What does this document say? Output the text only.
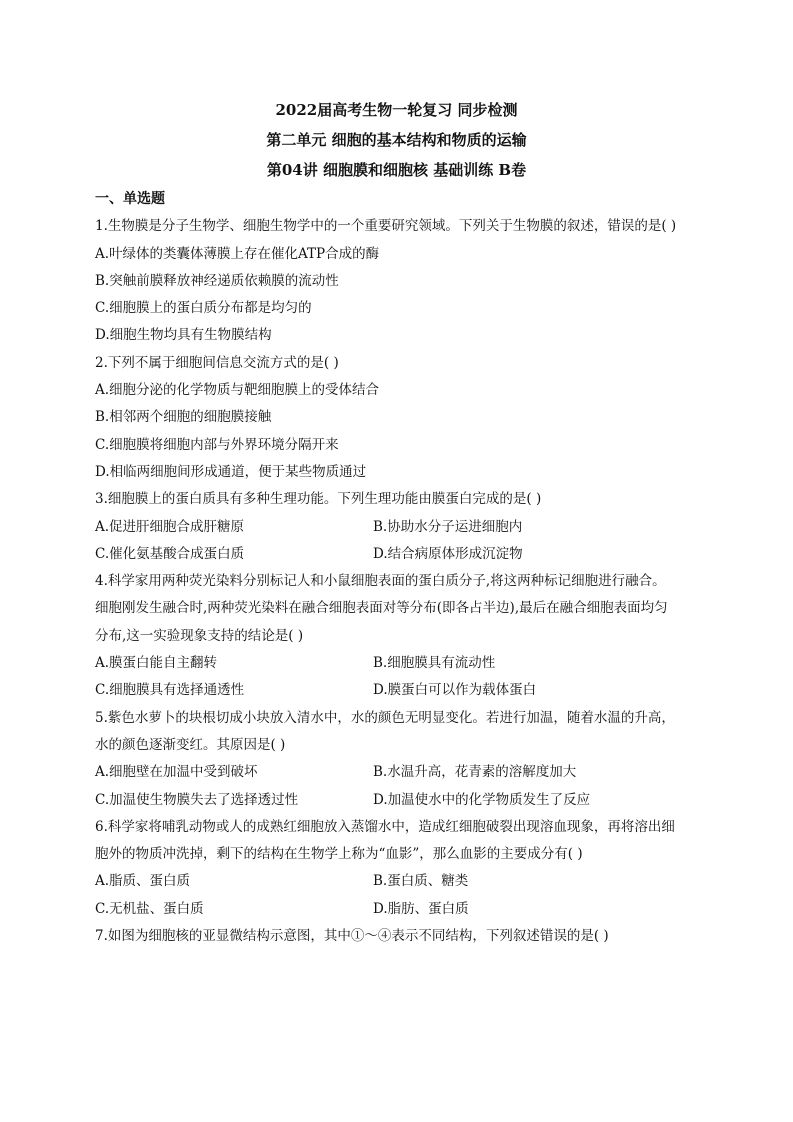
2022届高考生物一轮复习 同步检测
第二单元 细胞的基本结构和物质的运输
第04讲 细胞膜和细胞核 基础训练 B卷
一、单选题
1.生物膜是分子生物学、细胞生物学中的一个重要研究领域。下列关于生物膜的叙述，错误的是( )
A.叶绿体的类囊体薄膜上存在催化ATP合成的酶
B.突触前膜释放神经递质依赖膜的流动性
C.细胞膜上的蛋白质分布都是均匀的
D.细胞生物均具有生物膜结构
2.下列不属于细胞间信息交流方式的是( )
A.细胞分泌的化学物质与靶细胞膜上的受体结合
B.相邻两个细胞的细胞膜接触
C.细胞膜将细胞内部与外界环境分隔开来
D.相临两细胞间形成通道，便于某些物质通过
3.细胞膜上的蛋白质具有多种生理功能。下列生理功能由膜蛋白完成的是( )
A.促进肝细胞合成肝糖原	B.协助水分子运进细胞内
C.催化氨基酸合成蛋白质	D.结合病原体形成沉淀物
4.科学家用两种荧光染料分别标记人和小鼠细胞表面的蛋白质分子,将这两种标记细胞进行融合。
细胞刚发生融合时,两种荧光染料在融合细胞表面对等分布(即各占半边),最后在融合细胞表面均匀
分布,这一实验现象支持的结论是( )
A.膜蛋白能自主翻转	B.细胞膜具有流动性
C.细胞膜具有选择通透性	D.膜蛋白可以作为载体蛋白
5.紫色水萝卜的块根切成小块放入清水中，水的颜色无明显变化。若进行加温，随着水温的升高，
水的颜色逐渐变红。其原因是( )
A.细胞壁在加温中受到破坏	B.水温升高，花青素的溶解度加大
C.加温使生物膜失去了选择透过性	D.加温使水中的化学物质发生了反应
6.科学家将哺乳动物或人的成熟红细胞放入蒸馏水中，造成红细胞破裂出现溶血现象，再将溶出细
胞外的物质冲洗掉，剩下的结构在生物学上称为“血影”，那么血影的主要成分有( )
A.脂质、蛋白质	B.蛋白质、糖类
C.无机盐、蛋白质	D.脂肪、蛋白质
7.如图为细胞核的亚显微结构示意图，其中①～④表示不同结构，下列叙述错误的是( )
